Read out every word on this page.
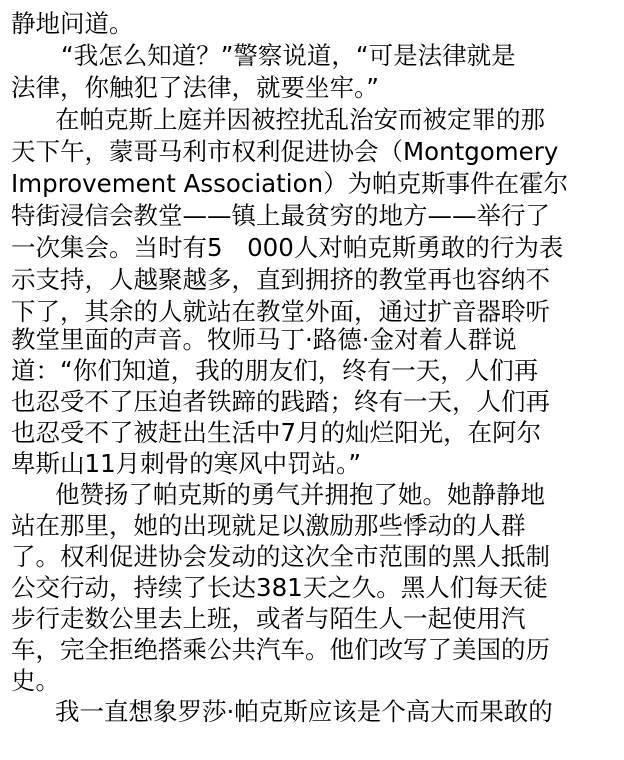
静地问道。
“我怎么知道？”警察说道，“可是法律就是
法律，你触犯了法律，就要坐牢。”
在帕克斯上庭并因被控扰乱治安而被定罪的那
天下午，蒙哥马利市权利促进协会（Montgomery
Improvement Association）为帕克斯事件在霍尔
特街浸信会教堂——镇上最贫穷的地方——举行了
一次集会。当时有5　000人对帕克斯勇敢的行为表
示支持，人越聚越多，直到拥挤的教堂再也容纳不
下了，其余的人就站在教堂外面，通过扩音器聆听
教堂里面的声音。牧师马丁·路德·金对着人群说
道：“你们知道，我的朋友们，终有一天，人们再
也忍受不了压迫者铁蹄的践踏；终有一天，人们再
也忍受不了被赶出生活中7月的灿烂阳光，在阿尔
卑斯山11月刺骨的寒风中罚站。”
他赞扬了帕克斯的勇气并拥抱了她。她静静地
站在那里，她的出现就足以激励那些悸动的人群
了。权利促进协会发动的这次全市范围的黑人抵制
公交行动，持续了长达381天之久。黑人们每天徒
步行走数公里去上班，或者与陌生人一起使用汽
车，完全拒绝搭乘公共汽车。他们改写了美国的历
史。
我一直想象罗莎·帕克斯应该是个高大而果敢的
